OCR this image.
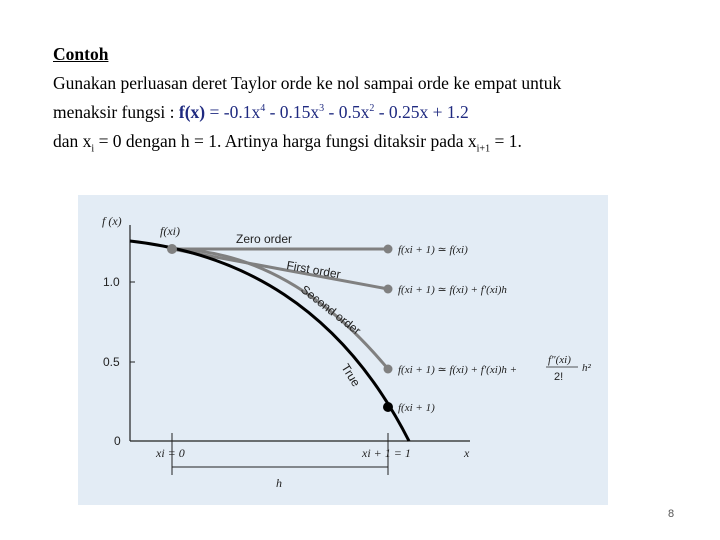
Contoh

Gunakan perluasan deret Taylor orde ke nol sampai orde ke empat untuk

menaksir fungsi : $f(x) = -0.1x^4 - 0.15x^3 - 0.5x^2 - 0.25x + 1.2$

dan $x_i = 0$ dengan h = 1. Artinya harga fungsi ditaksir pada $x_{i+1} = 1$.

f (x)
x
1.0
0.5
0
xi = 0	xi + 1 = 1
h
f(xi)
Zero order
First order
Second order
True
f(xi + 1) ≃ f(xi)
f(xi + 1) ≃ f(xi) + f′(xi)h
f(xi + 1) ≃ f(xi) + f′(xi)h +
f″(xi)
2!
h²
f(xi + 1)
8
